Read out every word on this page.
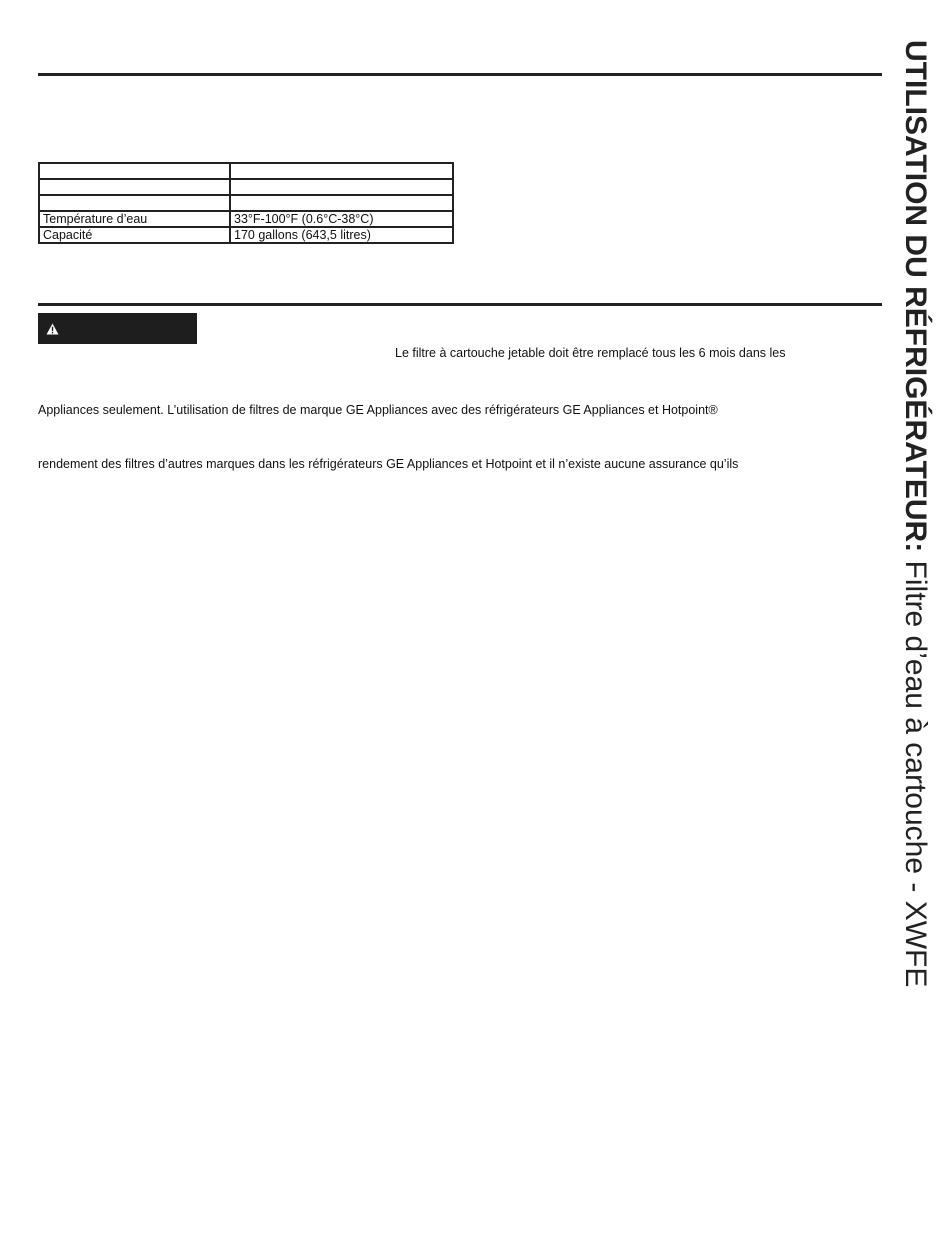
Température d’eau	33°F-100°F (0.6°C-38°C)
Capacité	170 gallons (643,5 litres)
Le filtre à cartouche jetable doit être remplacé tous les 6 mois dans les
Appliances seulement. L’utilisation de filtres de marque GE Appliances avec des réfrigérateurs GE Appliances et Hotpoint®
rendement des filtres d’autres marques dans les réfrigérateurs GE Appliances et Hotpoint et il n’existe aucune assurance qu’ils	UTILISATION DU RÉFRIGÉRATEUR: Filtre d’eau à cartouche - XWFE
